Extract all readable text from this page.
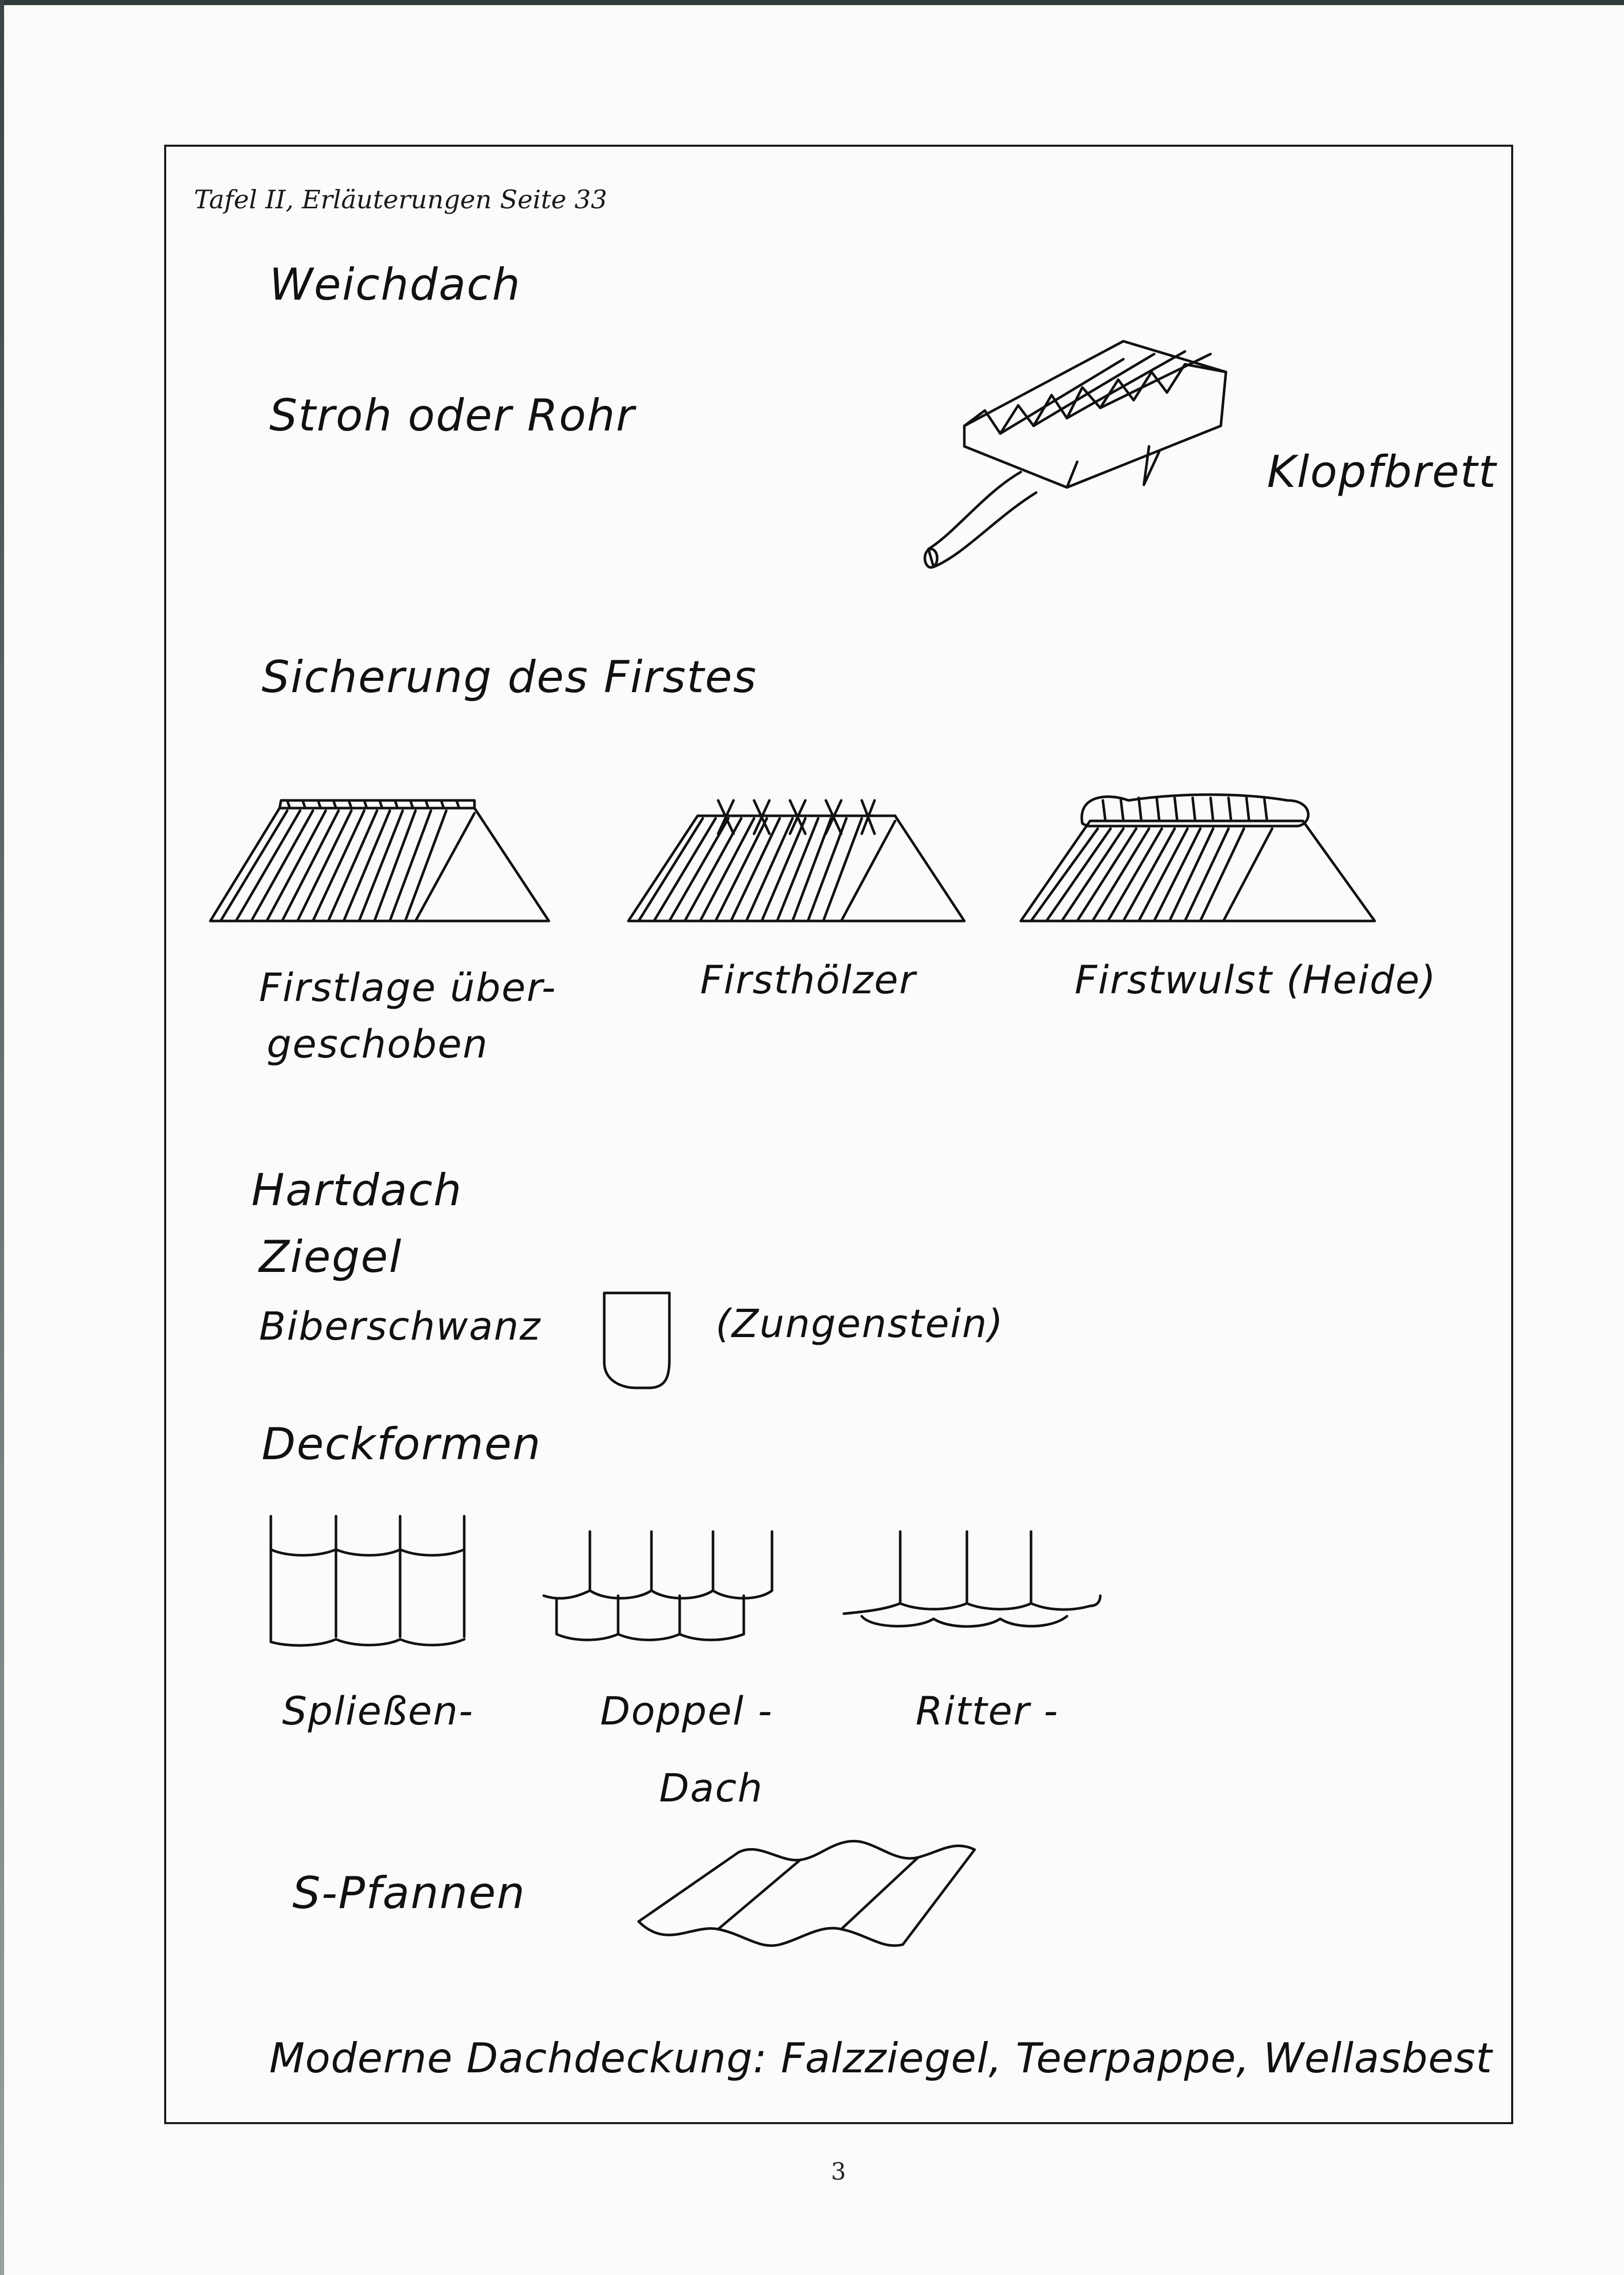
Tafel II, Erläuterungen Seite 33
Weichdach
Stroh oder Rohr
Klopfbrett
Sicherung des Firstes
Firstlage über-
geschoben
Firsthölzer	Firstwulst (Heide)
Hartdach
Ziegel
Biberschwanz	(Zungenstein)
Deckformen
Spließen-	Doppel -	Ritter -
Dach
S-Pfannen
Moderne Dachdeckung: Falzziegel, Teerpappe, Wellasbest
3
